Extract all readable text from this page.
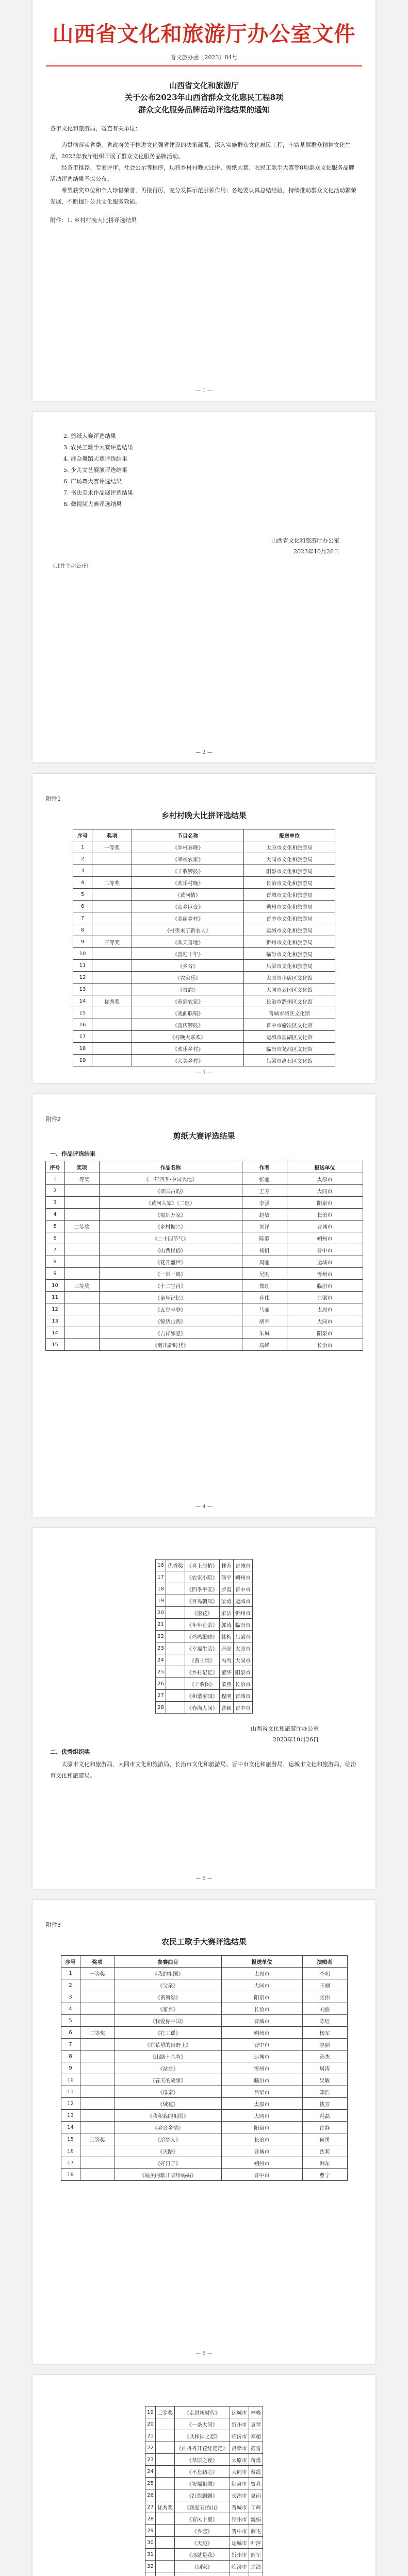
山西省文化和旅游厅办公室文件
晋文旅办函〔2023〕84号
山西省文化和旅游厅
关于公布2023年山西省群众文化惠民工程8项
群众文化服务品牌活动评选结果的通知
各市文化和旅游局，省直有关单位：

为贯彻落实省委、省政府关于推进文化强省建设的决策部署，深入实施群众文化惠民工程，丰富基层群众精神文化生活，2023年我厅组织开展了群众文化服务品牌活动。

经各市推荐、专家评审、社会公示等程序，现将乡村村晚大比拼、剪纸大赛、农民工歌手大赛等8项群众文化服务品牌活动评选结果予以公布。

希望获奖单位和个人珍惜荣誉，再接再厉，充分发挥示范引领作用；各地要认真总结经验，持续推动群众文化活动繁荣发展，不断提升公共文化服务效能。

附件：1. 乡村村晚大比拼评选结果
— 1 —
2. 剪纸大赛评选结果
3. 农民工歌手大赛评选结果
4. 群众舞蹈大赛评选结果
5. 少儿文艺展演评选结果
6. 广场舞大赛评选结果
7. 书法美术作品展评选结果
8. 微视频大赛评选结果
山西省文化和旅游厅办公室
2023年10月26日
（此件主动公开）
— 2 —
附件1
乡村村晚大比拼评选结果
序号	奖项	节目名称	报送单位
1	一等奖	《乡村春晚》	太原市文化和旅游局
2		《幸福农家》	大同市文化和旅游局
3		《丰收锣鼓》	阳泉市文化和旅游局
4	二等奖	《欢乐村晚》	长治市文化和旅游局
5		《黄河情》	晋城市文化和旅游局
6		《山乡巨变》	朔州市文化和旅游局
7		《美丽乡村》	晋中市文化和旅游局
8		《村里来了新农人》	运城市文化和旅游局
9	三等奖	《欢天喜地》	忻州市文化和旅游局
10		《喜迎丰年》	临汾市文化和旅游局
11		《乡音》	吕梁市文化和旅游局
12		《农家乐》	太原市小店区文化馆
13		《晋韵》	大同市云冈区文化馆
14	优秀奖	《春到农家》	长治市潞州区文化馆
15		《戏曲联唱》	晋城市城区文化馆
16		《喜庆锣鼓》	晋中市榆次区文化馆
17		《村晚大联欢》	运城市盐湖区文化馆
18		《欢乐乡村》	临汾市尧都区文化馆
19		《大美乡村》	吕梁市离石区文化馆
— 3 —
附件2
剪纸大赛评选结果
一、作品评选结果
序号	奖项	作品名称	作者	报送单位
1	一等奖	《一年四季·中国大地》	张丽	太原市
2		《晋国古韵》	王芳	大同市
3		《黄河人家》（二组）	李强	阳泉市
4		《福到万家》	赵敏	长治市
5	二等奖	《乡村振兴》	刘洋	晋城市
6		《二十四节气》	陈静	朔州市
7		《山西民俗》	杨帆	晋中市
8		《花开盛世》	周丽	运城市
9		《一带一路》	吴刚	忻州市
10	三等奖	《十二生肖》	郑红	临汾市
11		《童年记忆》	孙伟	吕梁市
12		《五谷丰登》	马丽	太原市
13		《锦绣山西》	胡军	大同市
14		《吉祥如意》	朱琳	阳泉市
15		《剪出新时代》	高峰	长治市
— 4 —
16	优秀奖	《喜上眉梢》	林芳	晋城市
17		《农家小院》	何平	朔州市
18		《四季平安》	罗霞	晋中市
19		《百鸟朝凤》	梁勇	运城市
20		《窗花》	宋洁	忻州市
21		《年年有余》	郭涛	临汾市
22		《鸡鸣报晓》	韩梅	吕梁市
23		《幸福生活》	唐亮	太原市
24		《黄土情》	冯雪	大同市
25		《乡村记忆》	董华	阳泉市
26		《丰收图》	萧燕	长治市
27		《和谐家园》	程明	晋城市
28		《春满人间》	曹颖	晋中市
山西省文化和旅游厅办公室
2023年10月26日
二、优秀组织奖

太原市文化和旅游局、大同市文化和旅游局、长治市文化和旅游局、晋中市文化和旅游局、运城市文化和旅游局、临汾市文化和旅游局。

— 5 —
附件3
农民工歌手大赛评选结果
序号	奖项	参赛曲目	报送单位	演唱者
1	一等奖	《我的祖国》	太原市	李明
2		《父亲》	大同市	王刚
3		《黄河颂》	阳泉市	张伟
4		《家乡》	长治市	刘强
5		《我爱你中国》	晋城市	陈红
6	二等奖	《打工谣》	朔州市	杨军
7		《在希望的田野上》	晋中市	赵丽
8		《山路十八弯》	运城市	孙杰
9		《站台》	忻州市	周涛
10		《春天的故事》	临汾市	吴敏
11		《母亲》	吕梁市	郑浩
12		《绒花》	太原市	钱芳
13		《我和我的祖国》	大同市	冯磊
14		《乡音乡情》	阳泉市	许静
15	三等奖	《追梦人》	长治市	何勇
16		《天路》	晋城市	沈莉
17		《好日子》	朔州市	韩东
18		《最美的歌儿唱给妈妈》	晋中市	曹宁
— 6 —
19	三等奖	《走进新时代》	运城市	林峰
20		《一条大河》	忻州市	袁琴
21		《共和国之恋》	临汾市	邓超
22		《山丹丹开花红艳艳》	吕梁市	彭雪
23		《草原之夜》	太原市	蒋勇
24		《不忘初心》	大同市	蔡霞
25		《祝福祖国》	阳泉市	贾亮
26		《红旗飘飘》	长治市	夏雨
27	优秀奖	《我爱五指山》	晋城市	丁辉
28		《春风十里》	朔州市	魏娟
29		《乡恋》	晋中市	薛飞
30		《天边》	运城市	叶萍
31		《那就是我》	忻州市	阎军
32		《回家》	临汾市	余洁
